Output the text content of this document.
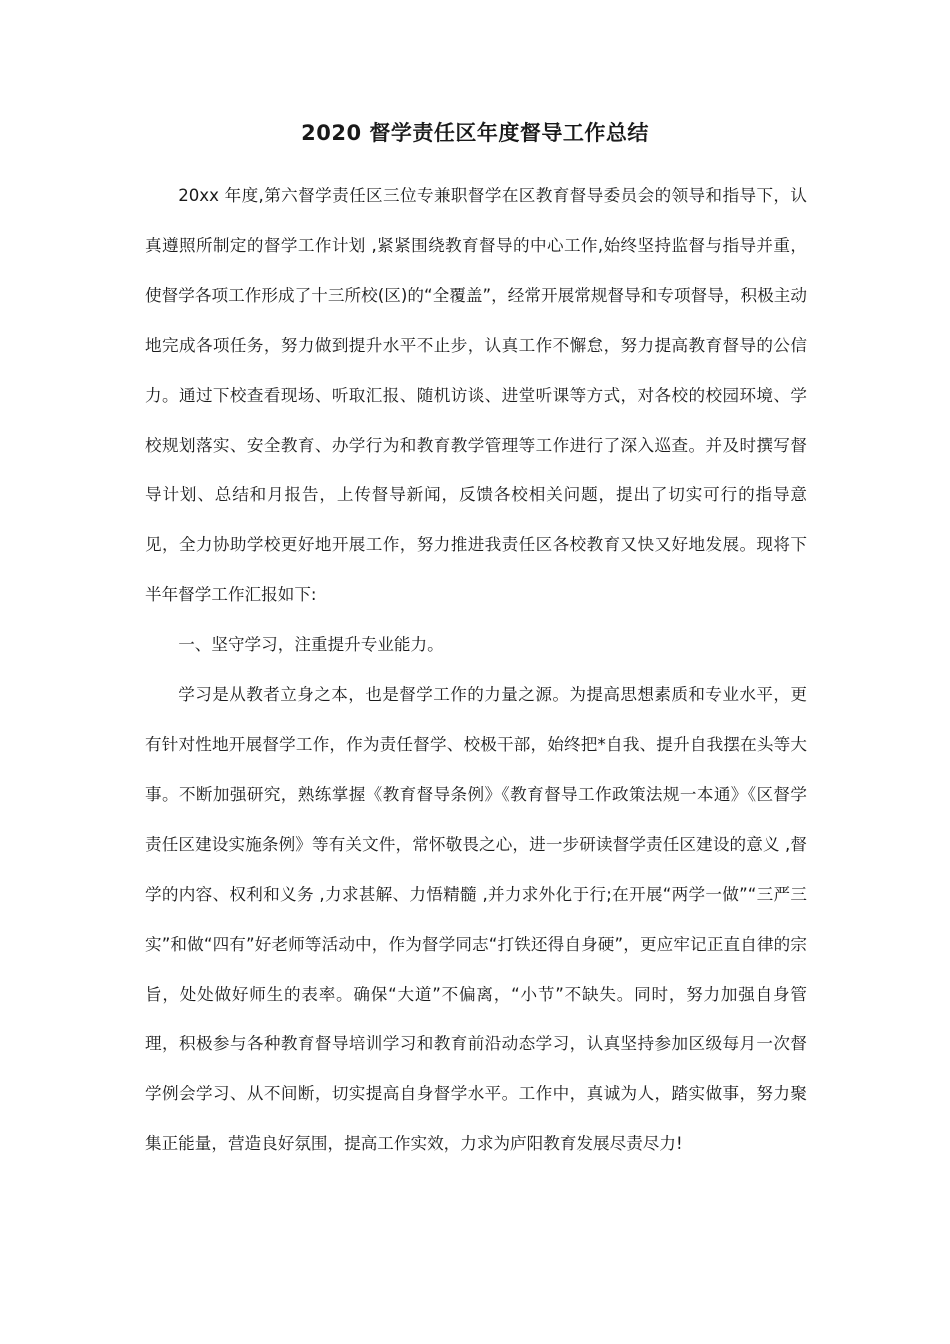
2020 督学责任区年度督导工作总结

20xx 年度,第六督学责任区三位专兼职督学在区教育督导委员会的领导和指导下，认真遵照所制定的督学工作计划 ,紧紧围绕教育督导的中心工作,始终坚持监督与指导并重，使督学各项工作形成了十三所校(区)的“全覆盖”，经常开展常规督导和专项督导，积极主动地完成各项任务，努力做到提升水平不止步，认真工作不懈怠，努力提高教育督导的公信力。通过下校查看现场、听取汇报、随机访谈、进堂听课等方式，对各校的校园环境、学校规划落实、安全教育、办学行为和教育教学管理等工作进行了深入巡查。并及时撰写督导计划、总结和月报告，上传督导新闻，反馈各校相关问题，提出了切实可行的指导意见，全力协助学校更好地开展工作，努力推进我责任区各校教育又快又好地发展。现将下半年督学工作汇报如下:

一、坚守学习，注重提升专业能力。

学习是从教者立身之本，也是督学工作的力量之源。为提高思想素质和专业水平，更有针对性地开展督学工作，作为责任督学、校极干部，始终把*自我、提升自我摆在头等大事。不断加强研究，熟练掌握《教育督导条例》《教育督导工作政策法规一本通》《区督学责任区建设实施条例》等有关文件，常怀敬畏之心，进一步研读督学责任区建设的意义 ,督学的内容、权利和义务 ,力求甚解、力悟精髓 ,并力求外化于行;在开展“两学一做”“三严三实”和做“四有”好老师等活动中，作为督学同志“打铁还得自身硬”，更应牢记正直自律的宗旨，处处做好师生的表率。确保“大道”不偏离，“小节”不缺失。同时，努力加强自身管理，积极参与各种教育督导培训学习和教育前沿动态学习，认真坚持参加区级每月一次督学例会学习、从不间断，切实提高自身督学水平。工作中，真诚为人，踏实做事，努力聚集正能量，营造良好氛围，提高工作实效，力求为庐阳教育发展尽责尽力!
